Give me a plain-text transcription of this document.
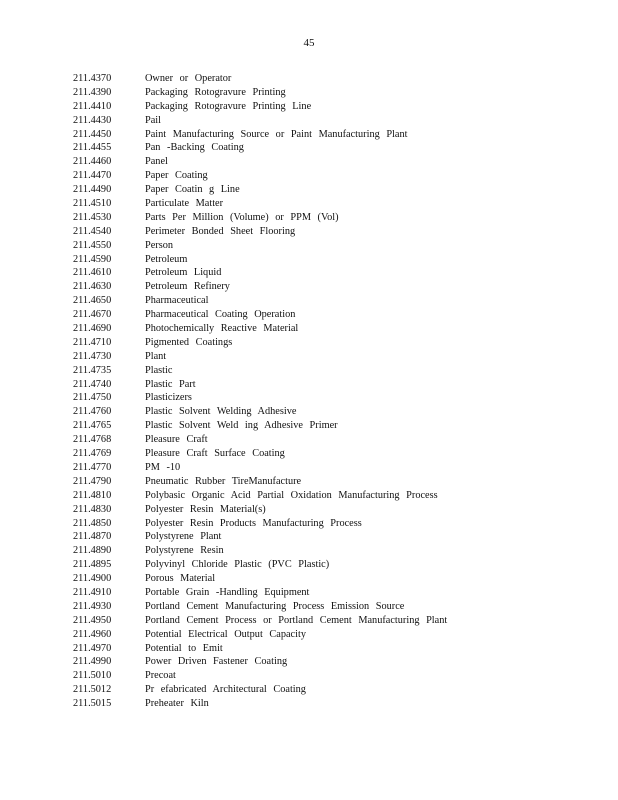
45
211.4370	Owner or Operator
211.4390	Packaging Rotogravure Printing
211.4410	Packaging Rotogravure Printing Line
211.4430	Pail
211.4450	Paint Manufacturing Source or Paint Manufacturing Plant
211.4455	Pan -Backing Coating
211.4460	Panel
211.4470	Paper Coating
211.4490	Paper Coatin g Line
211.4510	Particulate Matter
211.4530	Parts Per Million (Volume) or PPM (Vol)
211.4540	Perimeter Bonded Sheet Flooring
211.4550	Person
211.4590	Petroleum
211.4610	Petroleum Liquid
211.4630	Petroleum Refinery
211.4650	Pharmaceutical
211.4670	Pharmaceutical Coating Operation
211.4690	Photochemically Reactive Material
211.4710	Pigmented Coatings
211.4730	Plant
211.4735	Plastic
211.4740	Plastic Part
211.4750	Plasticizers
211.4760	Plastic Solvent Welding Adhesive
211.4765	Plastic Solvent Weld ing Adhesive Primer
211.4768	Pleasure Craft
211.4769	Pleasure Craft Surface Coating
211.4770	PM -10
211.4790	Pneumatic Rubber TireManufacture
211.4810	Polybasic Organic Acid Partial Oxidation Manufacturing Process
211.4830	Polyester Resin Material(s)
211.4850	Polyester Resin Products Manufacturing Process
211.4870	Polystyrene Plant
211.4890	Polystyrene Resin
211.4895	Polyvinyl Chloride Plastic (PVC Plastic)
211.4900	Porous Material
211.4910	Portable Grain -Handling Equipment
211.4930	Portland Cement Manufacturing Process Emission Source
211.4950	Portland Cement Process or Portland Cement Manufacturing Plant
211.4960	Potential Electrical Output Capacity
211.4970	Potential to Emit
211.4990	Power Driven Fastener Coating
211.5010	Precoat
211.5012	Pr efabricated Architectural Coating
211.5015	Preheater Kiln
